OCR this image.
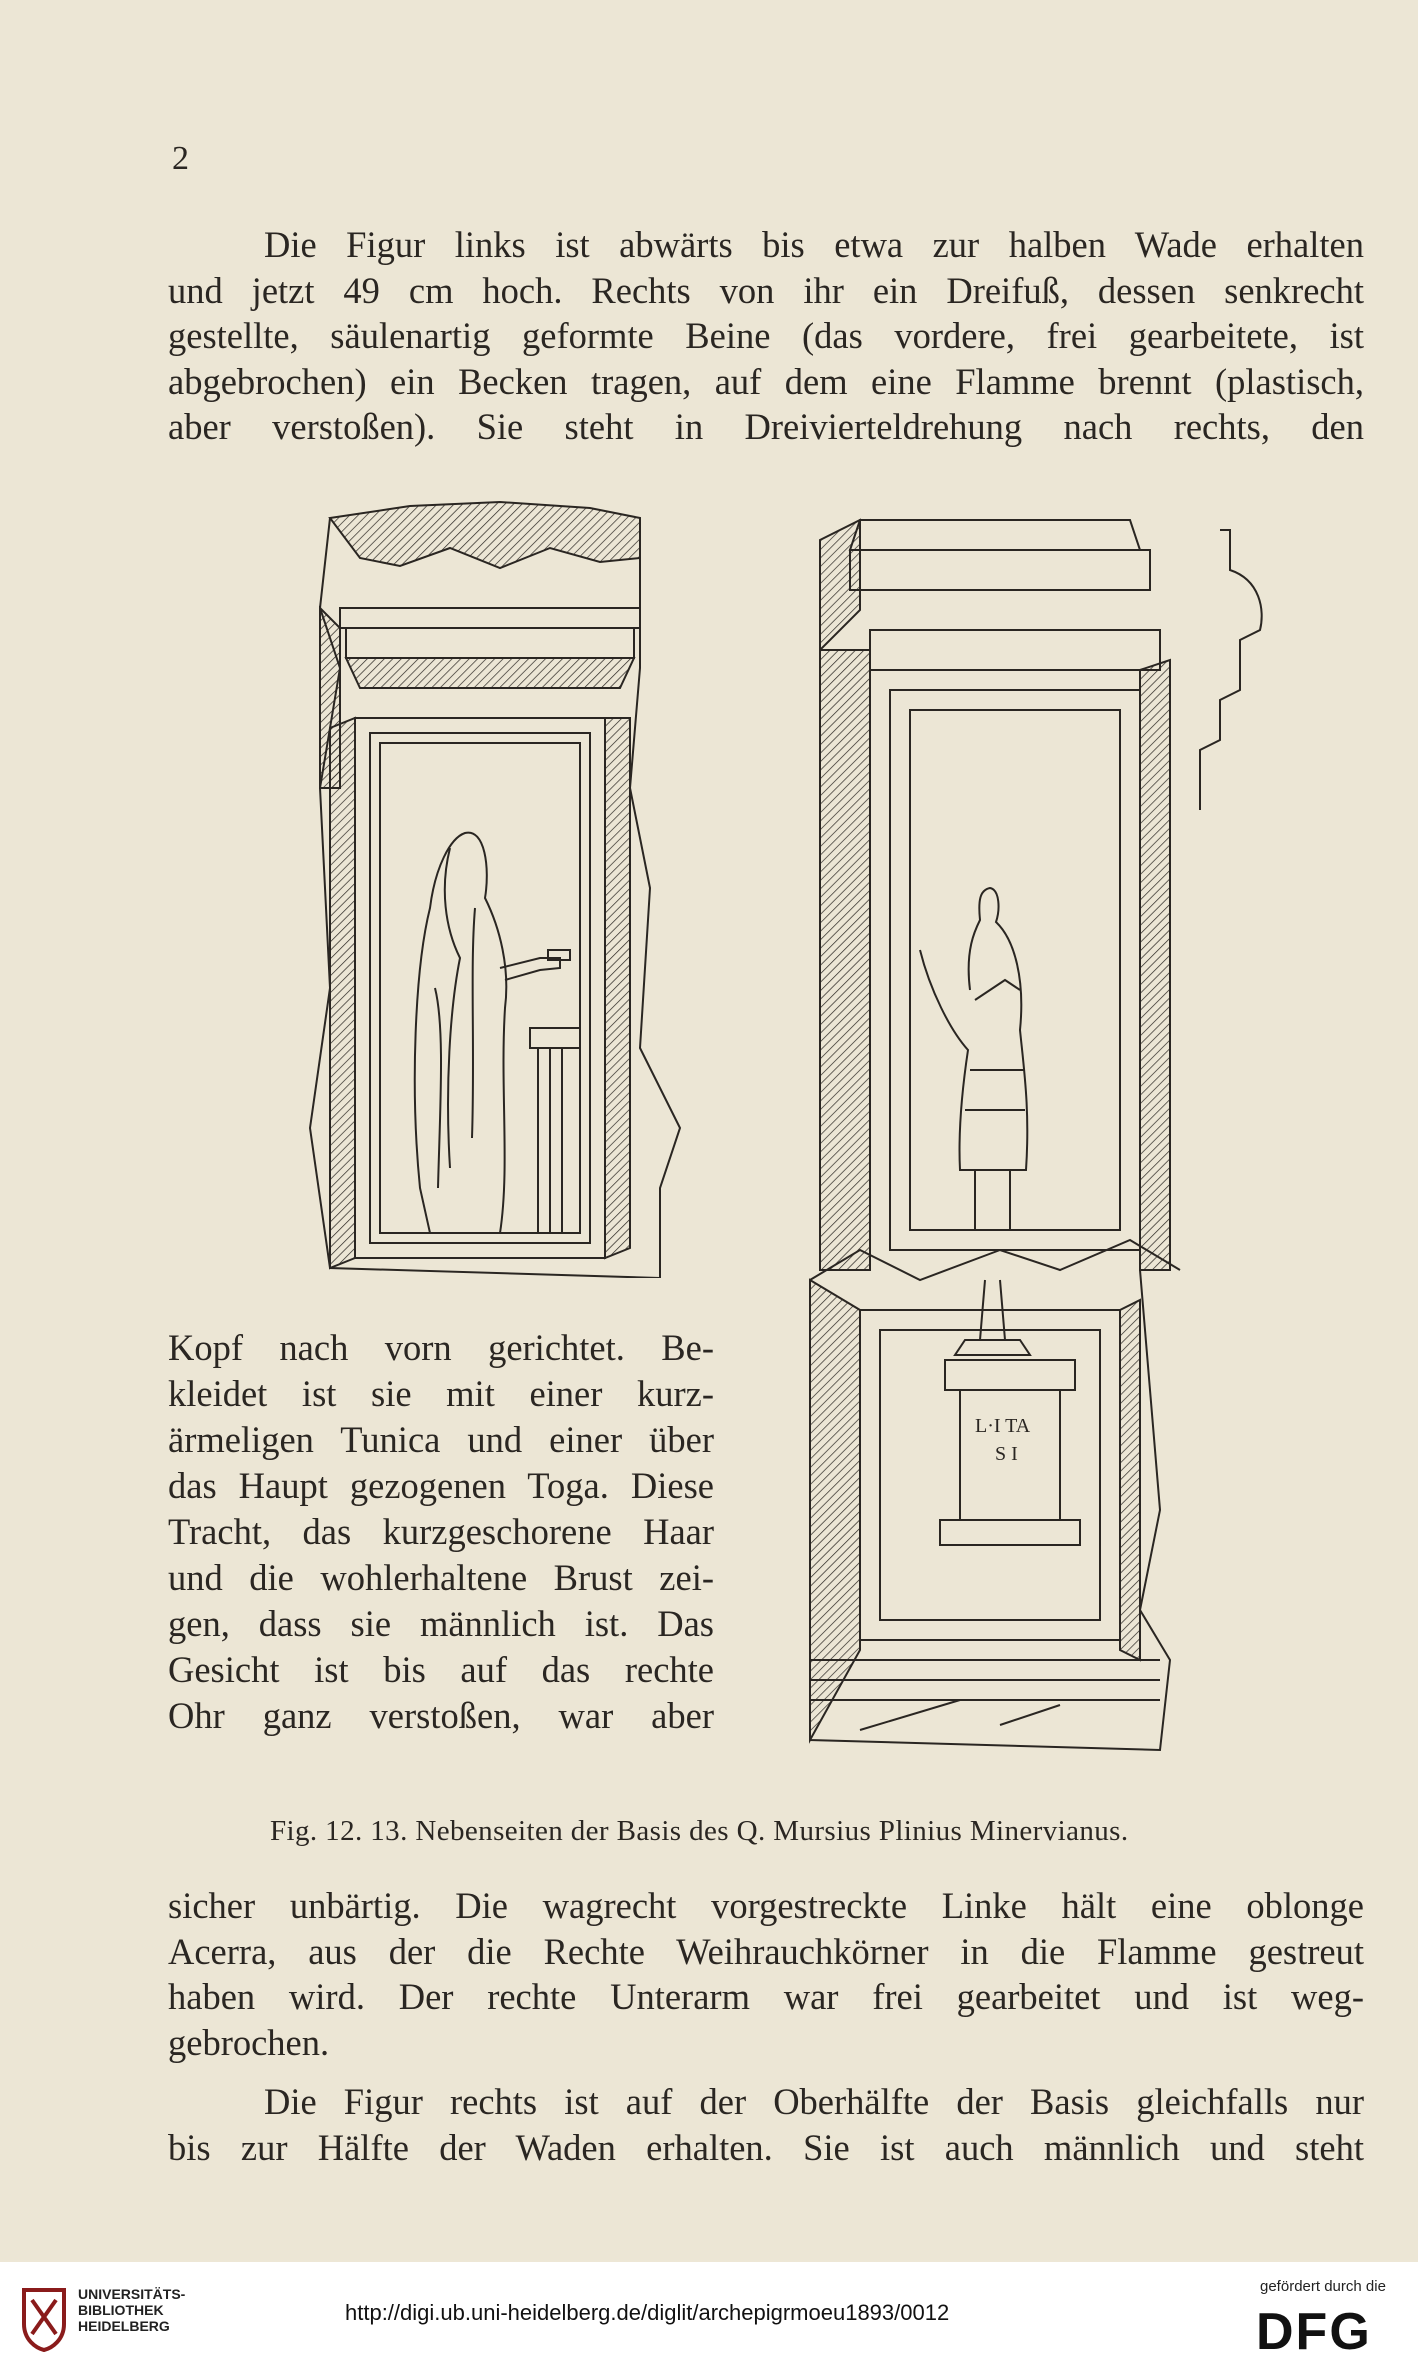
2
Die Figur links ist abwärts bis etwa zur halben Wade erhalten
und jetzt 49 cm hoch. Rechts von ihr ein Dreifuß, dessen senkrecht
gestellte, säulenartig geformte Beine (das vordere, frei gearbeitete, ist
abgebrochen) ein Becken tragen, auf dem eine Flamme brennt (plastisch,
aber verstoßen). Sie steht in Dreivierteldrehung nach rechts, den
L·I TA
S I
Kopf nach vorn gerichtet. Be-
kleidet ist sie mit einer kurz-
ärmeligen Tunica und einer über
das Haupt gezogenen Toga. Diese
Tracht, das kurzgeschorene Haar
und die wohlerhaltene Brust zei-
gen, dass sie männlich ist. Das
Gesicht ist bis auf das rechte
Ohr ganz verstoßen, war aber
Fig. 12. 13. Nebenseiten der Basis des Q. Mursius Plinius Minervianus.
sicher unbärtig. Die wagrecht vorgestreckte Linke hält eine oblonge
Acerra, aus der die Rechte Weihrauchkörner in die Flamme gestreut
haben wird. Der rechte Unterarm war frei gearbeitet und ist weg-
gebrochen.
Die Figur rechts ist auf der Oberhälfte der Basis gleichfalls nur
bis zur Hälfte der Waden erhalten. Sie ist auch männlich und steht
UNIVERSITÄTS-
BIBLIOTHEK
HEIDELBERG
http://digi.ub.uni-heidelberg.de/diglit/archepigrmoeu1893/0012
gefördert durch die
DFG
